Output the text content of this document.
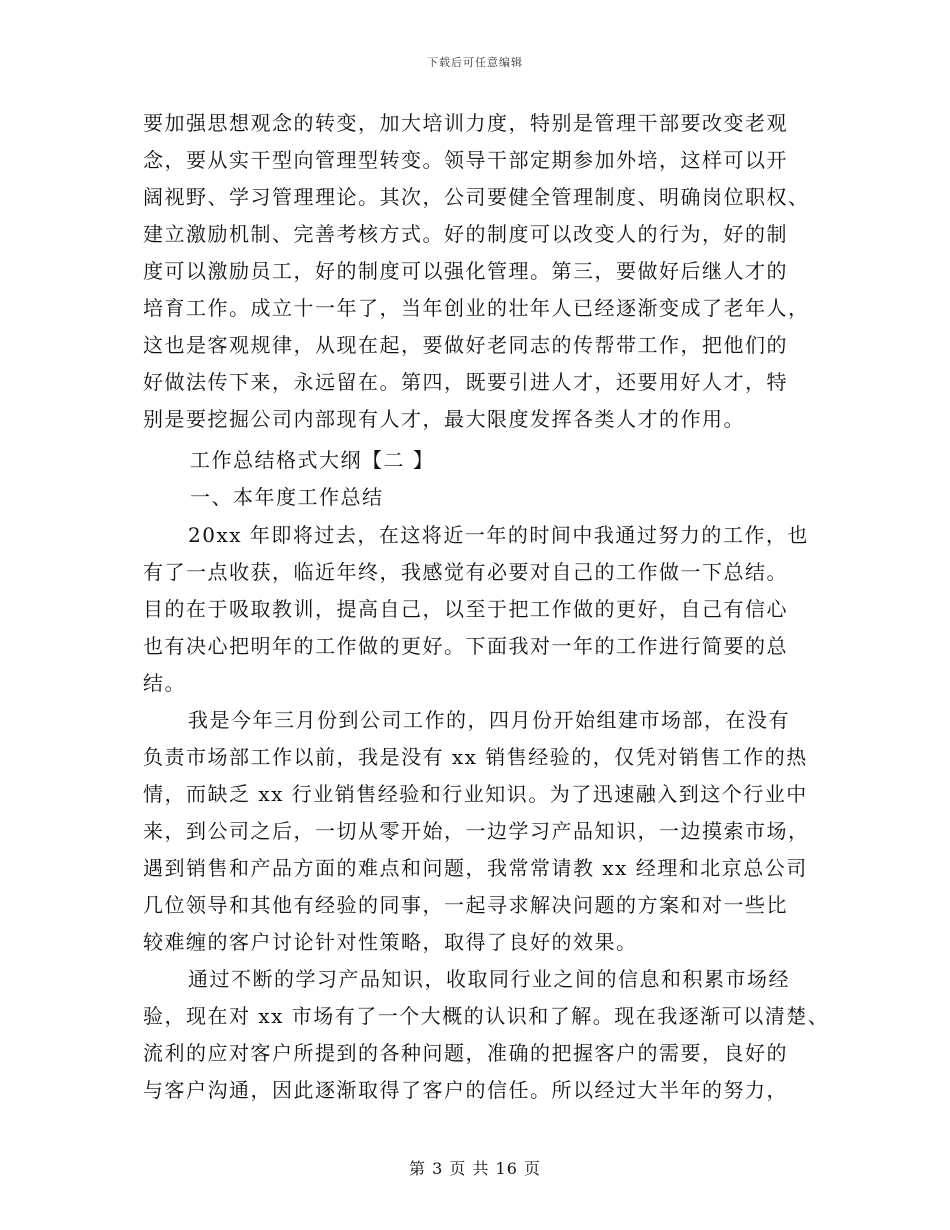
下载后可任意编辑
要加强思想观念的转变，加大培训力度，特别是管理干部要改变老观
念，要从实干型向管理型转变。领导干部定期参加外培，这样可以开
阔视野、学习管理理论。其次，公司要健全管理制度、明确岗位职权、
建立激励机制、完善考核方式。好的制度可以改变人的行为，好的制
度可以激励员工，好的制度可以强化管理。第三，要做好后继人才的
培育工作。成立十一年了，当年创业的壮年人已经逐渐变成了老年人，
这也是客观规律，从现在起，要做好老同志的传帮带工作，把他们的
好做法传下来，永远留在。第四，既要引进人才，还要用好人才，特
别是要挖掘公司内部现有人才，最大限度发挥各类人才的作用。
工作总结格式大纲【二 】
一、本年度工作总结
20xx 年即将过去，在这将近一年的时间中我通过努力的工作，也
有了一点收获，临近年终，我感觉有必要对自己的工作做一下总结。
目的在于吸取教训，提高自己，以至于把工作做的更好，自己有信心
也有决心把明年的工作做的更好。下面我对一年的工作进行简要的总
结。
我是今年三月份到公司工作的，四月份开始组建市场部，在没有
负责市场部工作以前，我是没有 xx 销售经验的，仅凭对销售工作的热
情，而缺乏 xx 行业销售经验和行业知识。为了迅速融入到这个行业中
来，到公司之后，一切从零开始，一边学习产品知识，一边摸索市场，
遇到销售和产品方面的难点和问题，我常常请教 xx 经理和北京总公司
几位领导和其他有经验的同事，一起寻求解决问题的方案和对一些比
较难缠的客户讨论针对性策略，取得了良好的效果。
通过不断的学习产品知识，收取同行业之间的信息和积累市场经
验，现在对 xx 市场有了一个大概的认识和了解。现在我逐渐可以清楚、
流利的应对客户所提到的各种问题，准确的把握客户的需要，良好的
与客户沟通，因此逐渐取得了客户的信任。所以经过大半年的努力，
第 3 页 共 16 页
